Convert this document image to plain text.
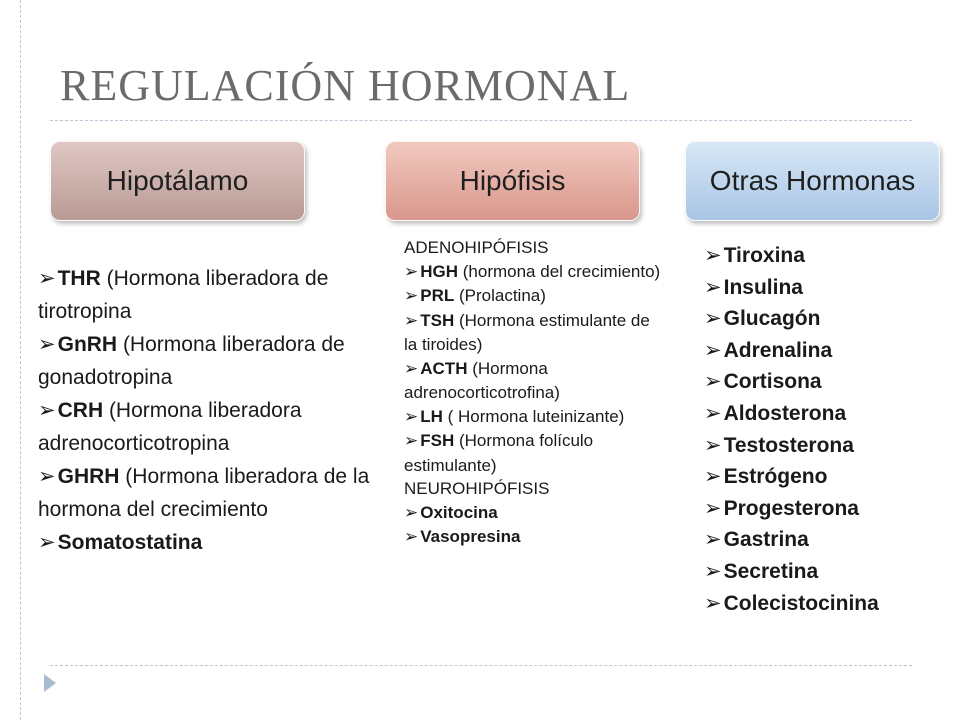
REGULACIÓN HORMONAL
Hipotálamo	Hipófisis	Otras Hormonas

➢THR (Hormona liberadora de tirotropina

➢GnRH (Hormona liberadora de gonadotropina

➢CRH (Hormona liberadora adrenocorticotropina

➢GHRH (Hormona liberadora de la hormona del crecimiento

➢Somatostatina

ADENOHIPÓFISIS

➢ HGH (hormona del crecimiento)

➢ PRL (Prolactina)

➢ TSH (Hormona estimulante de la tiroides)

➢ ACTH (Hormona adrenocorticotrofina)

➢ LH ( Hormona luteinizante)

➢ FSH (Hormona folículo estimulante)

NEUROHIPÓFISIS

➢ Oxitocina

➢ Vasopresina

➢Tiroxina

➢Insulina

➢Glucagón

➢Adrenalina

➢Cortisona

➢Aldosterona

➢Testosterona

➢Estrógeno

➢Progesterona

➢Gastrina

➢Secretina

➢Colecistocinina
